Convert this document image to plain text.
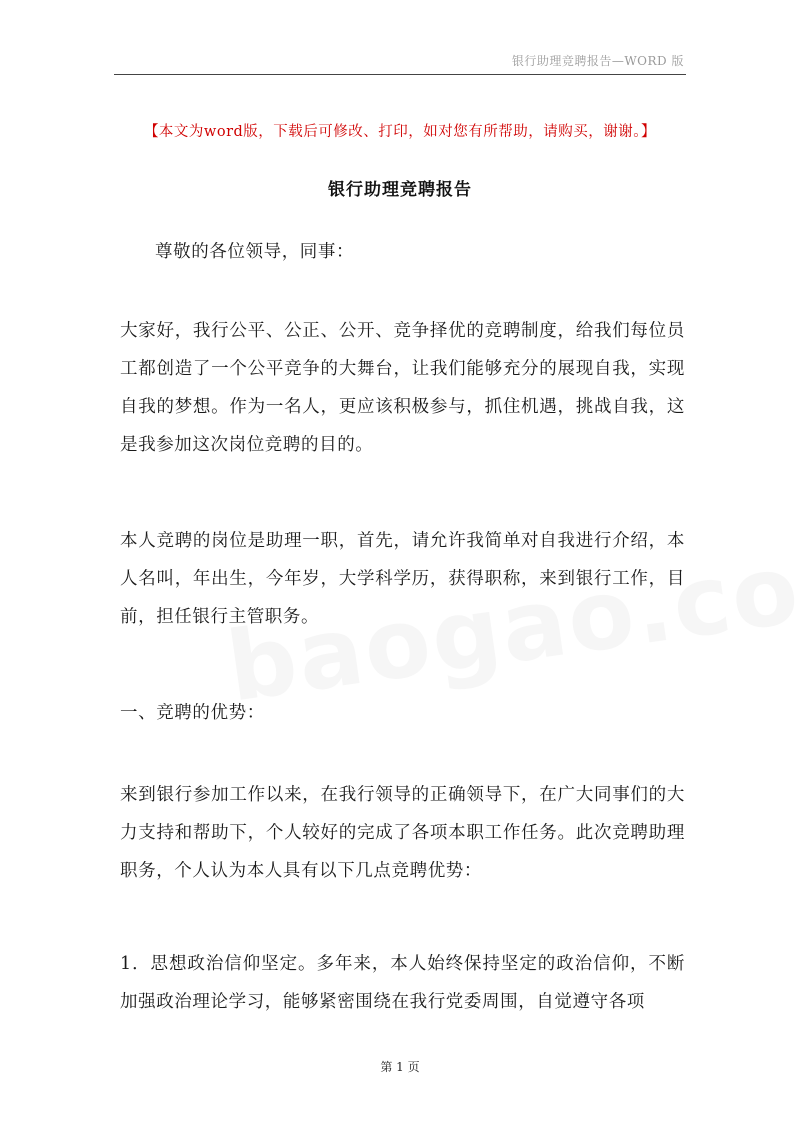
银行助理竞聘报告—WORD 版
【本文为word版，下载后可修改、打印，如对您有所帮助，请购买，谢谢。】
银行助理竞聘报告
尊敬的各位领导，同事：
大家好，我行公平、公正、公开、竞争择优的竞聘制度，给我们每位员工都创造了一个公平竞争的大舞台，让我们能够充分的展现自我，实现自我的梦想。作为一名人，更应该积极参与，抓住机遇，挑战自我，这是我参加这次岗位竞聘的目的。
本人竞聘的岗位是助理一职，首先，请允许我简单对自我进行介绍，本人名叫，年出生，今年岁，大学科学历，获得职称，来到银行工作，目前，担任银行主管职务。
一、竞聘的优势：
来到银行参加工作以来，在我行领导的正确领导下，在广大同事们的大力支持和帮助下，个人较好的完成了各项本职工作任务。此次竞聘助理职务，个人认为本人具有以下几点竞聘优势：
1．思想政治信仰坚定。多年来，本人始终保持坚定的政治信仰，不断加强政治理论学习，能够紧密围绕在我行党委周围，自觉遵守各项
第 1 页
